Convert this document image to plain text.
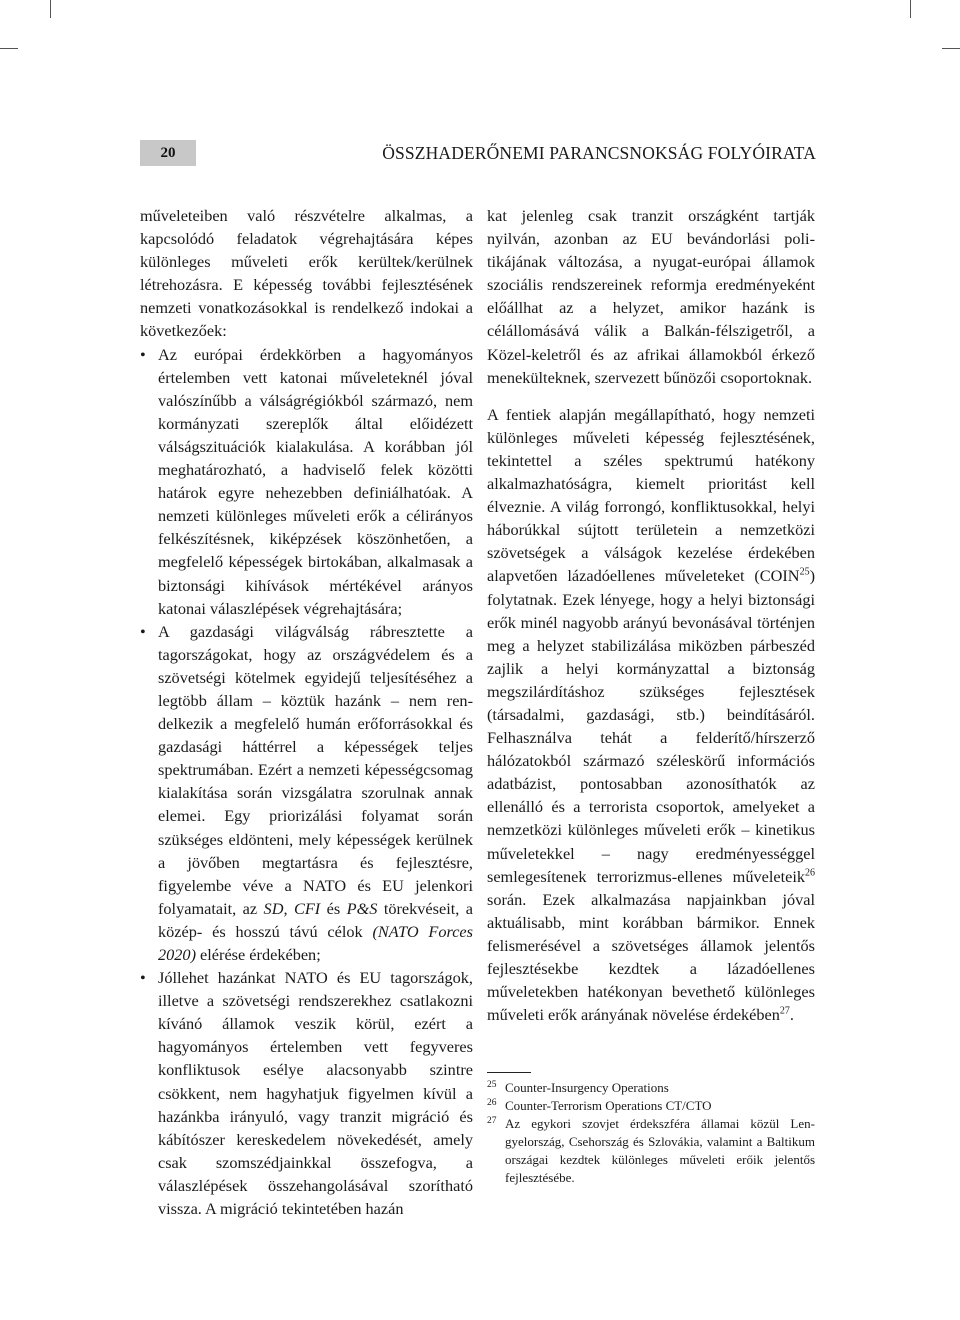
20	ÖSSZHADERŐNEMI PARANCSNOKSÁG FOLYÓIRATA

műveleteiben való részvételre alkalmas, a kapcsolódó feladatok végrehajtására képes különleges műveleti erők kerültek/kerülnek létrehozásra. E képesség további fejlesztésének nemzeti vonatkozásokkal is rendelkező indokai a következőek:

• Az európai érdekkörben a hagyományos értelemben vett katonai műveleteknél jóval valószínűbb a válságrégiókból származó, nem kormányzati szereplők által előidézett válságszituációk kialakulása. A korábban jól meghatározható, a hadviselő felek közötti határok egyre nehezebben definiálhatóak. A nemzeti különleges műveleti erők a célirányos felkészítésnek, kiképzések köszönhetően, a megfelelő képességek birtokában, alkalmasak a biztonsági kihívások mértékével arányos katonai válaszlépések végrehajtására;
• A gazdasági világválság rábresztette a tagországokat, hogy az országvédelem és a szövetségi kötelmek egyidejű teljesítéséhez a legtöbb állam – köztük hazánk – nem rendelkezik a megfelelő humán erőforrásokkal és gazdasági háttérrel a képességek teljes spektrumában. Ezért a nemzeti képességcsomag kialakítása során vizsgálatra szorulnak annak elemei. Egy priorizálási folyamat során szükséges eldönteni, mely képességek kerülnek a jövőben megtartásra és fejlesztésre, figyelembe véve a NATO és EU jelenkori folyamatait, az SD, CFI és P&S törekvéseit, a közép- és hosszú távú célok (NATO Forces 2020) elérése érdekében;
• Jóllehet hazánkat NATO és EU tagországok, illetve a szövetségi rendszerekhez csatlakozni kívánó államok veszik körül, ezért a hagyományos értelemben vett fegyveres konfliktusok esélye alacsonyabb szintre csökkent, nem hagyhatjuk figyelmen kívül a hazánkba irányuló, vagy tranzit migráció és kábítószer kereskedelem növekedését, amely csak szomszédjainkkal összefogva, a válaszlépések összehangolásával szorítható vissza. A migráció tekintetében hazán

kat jelenleg csak tranzit országként tartják nyilván, azonban az EU bevándorlási politikájának változása, a nyugat-európai államok szociális rendszereinek reformja eredményeként előállhat az a helyzet, amikor hazánk is célállomásává válik a Balkán-félszigetről, a Közel-keletről és az afrikai államokból érkező menekülteknek, szervezett bűnözői csoportoknak.

A fentiek alapján megállapítható, hogy nemzeti különleges műveleti képesség fejlesztésének, tekintettel a széles spektrumú hatékony alkalmazhatóságra, kiemelt prioritást kell élveznie. A világ forrongó, konfliktusokkal, helyi háborúkkal sújtott területein a nemzetközi szövetségek a válságok kezelése érdekében alapvetően lázadóellenes műveleteket (COIN$^{25}$) folytatnak. Ezek lényege, hogy a helyi biztonsági erők minél nagyobb arányú bevonásával történjen meg a helyzet stabilizálása miközben párbeszéd zajlik a helyi kormányzattal a biztonság megszilárdításhoz szükséges fejlesztések (társadalmi, gazdasági, stb.) beindításáról. Felhasználva tehát a felderítő/hírszerző hálózatokból származó széleskörű információs adatbázist, pontosabban azonosíthatók az ellenálló és a terrorista csoportok, amelyeket a nemzetközi különleges műveleti erők – kinetikus műveletekkel – nagy eredményességgel semlegesítenek terrorizmus-ellenes műveleteik$^{26}$ során. Ezek alkalmazása napjainkban jóval aktuálisabb, mint korábban bármikor. Ennek felismerésével a szövetséges államok jelentős fejlesztésekbe kezdtek a lázadóellenes műveletekben hatékonyan bevethető különleges műveleti erők arányának növelése érdekében$^{27}$.

25 Counter-Insurgency Operations

26 Counter-Terrorism Operations CT/CTO

27 Az egykori szovjet érdekszféra államai közül Lengyelország, Csehország és Szlovákia, valamint a Baltikum országai kezdtek különleges műveleti erőik jelentős fejlesztésébe.
